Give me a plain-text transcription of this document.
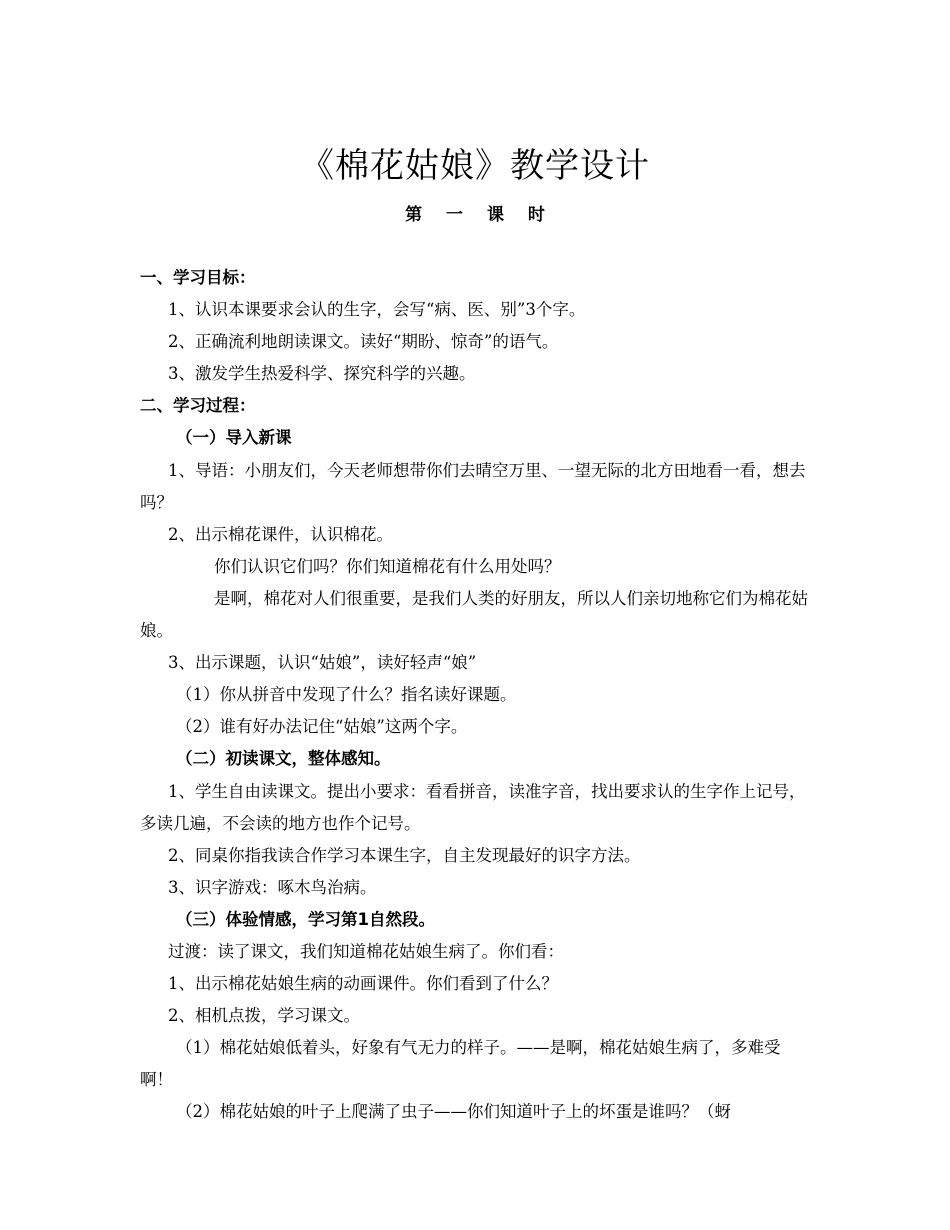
《棉花姑娘》教学设计
第 一 课 时

一、学习目标：

1、认识本课要求会认的生字，会写“病、医、别”3个字。

2、正确流利地朗读课文。读好“期盼、惊奇”的语气。

3、激发学生热爱科学、探究科学的兴趣。

二、学习过程：

（一）导入新课

1、导语：小朋友们，今天老师想带你们去晴空万里、一望无际的北方田地看一看，想去吗？

2、出示棉花课件，认识棉花。

你们认识它们吗？你们知道棉花有什么用处吗？

是啊，棉花对人们很重要，是我们人类的好朋友，所以人们亲切地称它们为棉花姑娘。

3、出示课题，认识“姑娘”，读好轻声“娘”

（1）你从拼音中发现了什么？指名读好课题。

（2）谁有好办法记住“姑娘”这两个字。

（二）初读课文，整体感知。

1、学生自由读课文。提出小要求：看看拼音，读准字音，找出要求认的生字作上记号，多读几遍，不会读的地方也作个记号。

2、同桌你指我读合作学习本课生字，自主发现最好的识字方法。

3、识字游戏：啄木鸟治病。

（三）体验情感，学习第1自然段。

过渡：读了课文，我们知道棉花姑娘生病了。你们看：

1、出示棉花姑娘生病的动画课件。你们看到了什么？

2、相机点拨，学习课文。

（1）棉花姑娘低着头，好象有气无力的样子。——是啊，棉花姑娘生病了，多难受啊！

（2）棉花姑娘的叶子上爬满了虫子——你们知道叶子上的坏蛋是谁吗？（蚜
